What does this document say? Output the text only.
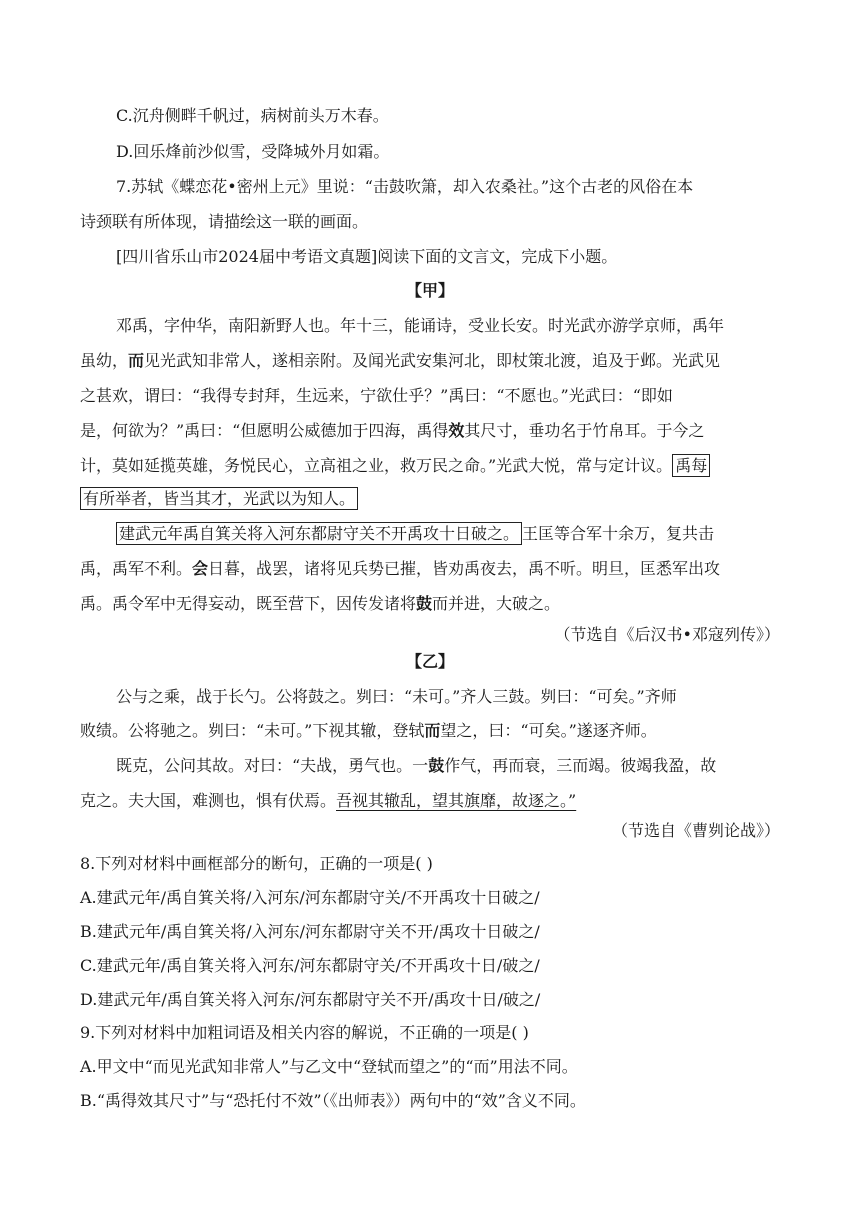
C.沉舟侧畔千帆过，病树前头万木春。
D.回乐烽前沙似雪，受降城外月如霜。
7.苏轼《蝶恋花•密州上元》里说：“击鼓吹箫，却入农桑社。”这个古老的风俗在本
诗颈联有所体现，请描绘这一联的画面。
[四川省乐山市2024届中考语文真题]阅读下面的文言文，完成下小题。
【甲】
邓禹，字仲华，南阳新野人也。年十三，能诵诗，受业长安。时光武亦游学京师，禹年
虽幼，而见光武知非常人，遂相亲附。及闻光武安集河北，即杖策北渡，追及于邺。光武见
之甚欢，谓曰：“我得专封拜，生远来，宁欲仕乎？”禹曰：“不愿也。”光武曰：“即如
是，何欲为？”禹曰：“但愿明公威德加于四海，禹得效其尺寸，垂功名于竹帛耳。于今之
计，莫如延揽英雄，务悦民心，立高祖之业，救万民之命。”光武大悦，常与定计议。 禹每
有所举者，皆当其才，光武以为知人。
建武元年禹自箕关将入河东都尉守关不开禹攻十日破之。 王匡等合军十余万，复共击
禹，禹军不利。会日暮，战罢，诸将见兵势已摧，皆劝禹夜去，禹不听。明旦，匡悉军出攻
禹。禹令军中无得妄动，既至营下，因传发诸将鼓而并进，大破之。
（节选自《后汉书•邓寇列传》）
【乙】
公与之乘，战于长勺。公将鼓之。刿曰：“未可。”齐人三鼓。刿曰：“可矣。”齐师
败绩。公将驰之。刿曰：“未可。”下视其辙，登轼而望之，曰：“可矣。”遂逐齐师。
既克，公问其故。对曰：“夫战，勇气也。一鼓作气，再而衰，三而竭。彼竭我盈，故
克之。夫大国，难测也，惧有伏焉。吾视其辙乱，望其旗靡，故逐之。”
（节选自《曹刿论战》）
8.下列对材料中画框部分的断句，正确的一项是( )
A.建武元年/禹自箕关将/入河东/河东都尉守关/不开禹攻十日破之/
B.建武元年/禹自箕关将/入河东/河东都尉守关不开/禹攻十日破之/
C.建武元年/禹自箕关将入河东/河东都尉守关/不开禹攻十日/破之/
D.建武元年/禹自箕关将入河东/河东都尉守关不开/禹攻十日/破之/
9.下列对材料中加粗词语及相关内容的解说，不正确的一项是( )
A.甲文中“而见光武知非常人”与乙文中“登轼而望之”的“而”用法不同。
B.“禹得效其尺寸”与“恐托付不效”（《出师表》）两句中的“效”含义不同。
